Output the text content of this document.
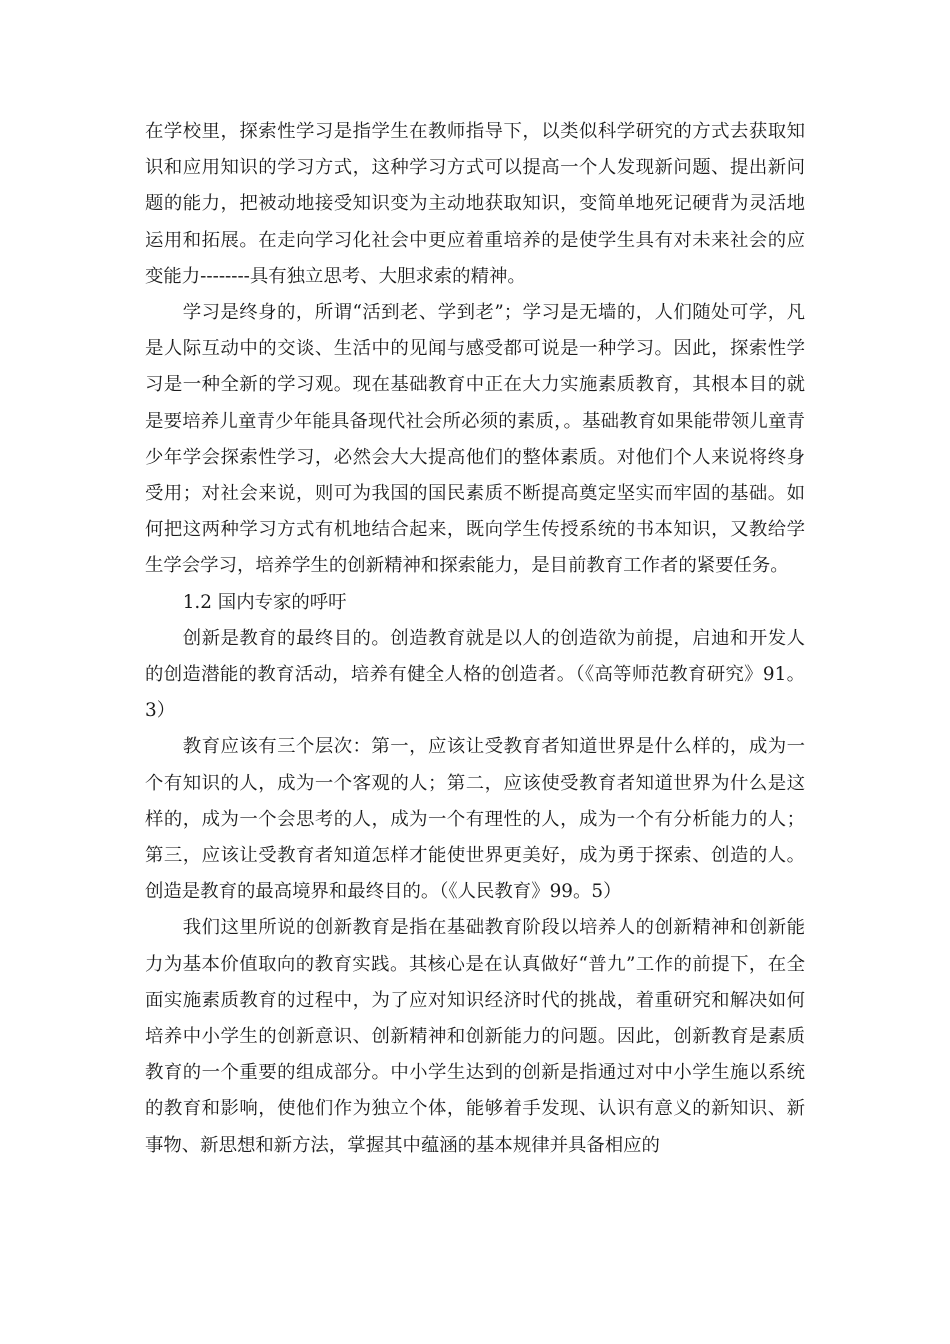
在学校里，探索性学习是指学生在教师指导下，以类似科学研究的方式去获取知识和应用知识的学习方式，这种学习方式可以提高一个人发现新问题、提出新问题的能力，把被动地接受知识变为主动地获取知识，变简单地死记硬背为灵活地运用和拓展。在走向学习化社会中更应着重培养的是使学生具有对未来社会的应变能力--------具有独立思考、大胆求索的精神。

学习是终身的，所谓“活到老、学到老”；学习是无墙的，人们随处可学，凡是人际互动中的交谈、生活中的见闻与感受都可说是一种学习。因此，探索性学习是一种全新的学习观。现在基础教育中正在大力实施素质教育，其根本目的就是要培养儿童青少年能具备现代社会所必须的素质，。基础教育如果能带领儿童青少年学会探索性学习，必然会大大提高他们的整体素质。对他们个人来说将终身受用；对社会来说，则可为我国的国民素质不断提高奠定坚实而牢固的基础。如何把这两种学习方式有机地结合起来，既向学生传授系统的书本知识，又教给学生学会学习，培养学生的创新精神和探索能力，是目前教育工作者的紧要任务。

1.2 国内专家的呼吁

创新是教育的最终目的。创造教育就是以人的创造欲为前提，启迪和开发人的创造潜能的教育活动，培养有健全人格的创造者。（《高等师范教育研究》91。3）

教育应该有三个层次：第一，应该让受教育者知道世界是什么样的，成为一个有知识的人，成为一个客观的人；第二，应该使受教育者知道世界为什么是这样的，成为一个会思考的人，成为一个有理性的人，成为一个有分析能力的人；第三，应该让受教育者知道怎样才能使世界更美好，成为勇于探索、创造的人。创造是教育的最高境界和最终目的。（《人民教育》99。5）

我们这里所说的创新教育是指在基础教育阶段以培养人的创新精神和创新能力为基本价值取向的教育实践。其核心是在认真做好“普九”工作的前提下，在全面实施素质教育的过程中，为了应对知识经济时代的挑战，着重研究和解决如何培养中小学生的创新意识、创新精神和创新能力的问题。因此，创新教育是素质教育的一个重要的组成部分。中小学生达到的创新是指通过对中小学生施以系统的教育和影响，使他们作为独立个体，能够着手发现、认识有意义的新知识、新事物、新思想和新方法，掌握其中蕴涵的基本规律并具备相应的
